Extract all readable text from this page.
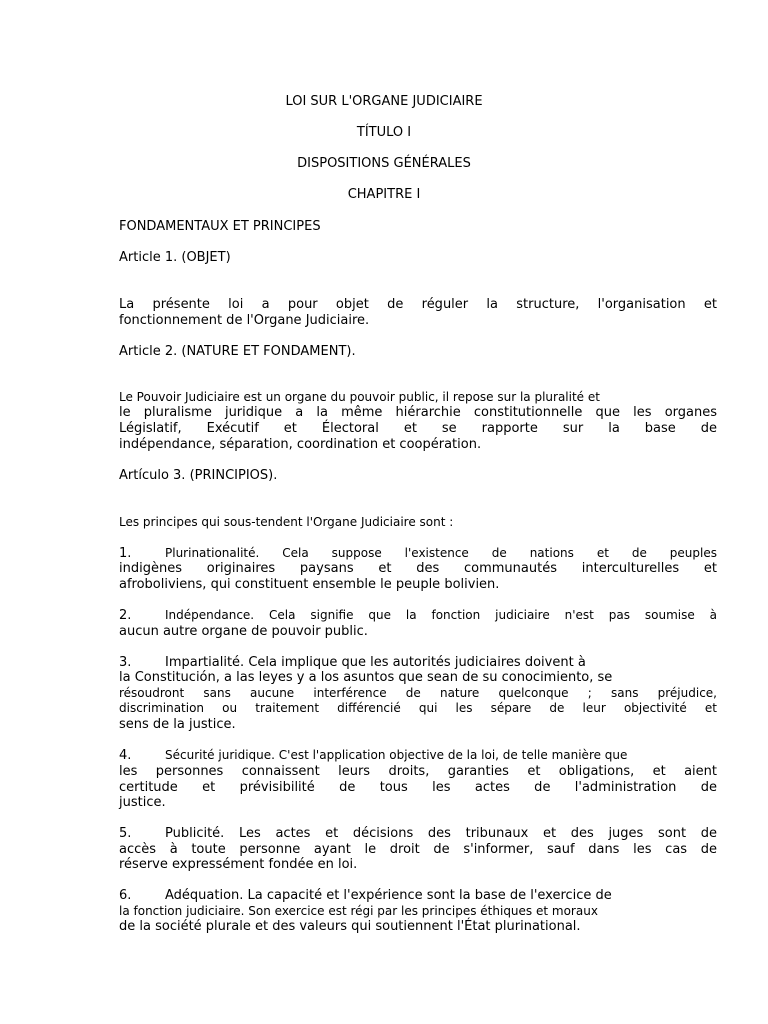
LOI SUR L'ORGANE JUDICIAIRE

TÍTULO I

DISPOSITIONS GÉNÉRALES

CHAPITRE I

FONDAMENTAUX ET PRINCIPES

Article 1. (OBJET)

La présente loi a pour objet de réguler la structure, l'organisation et

fonctionnement de l'Organe Judiciaire.

Article 2. (NATURE ET FONDAMENT).

Le Pouvoir Judiciaire est un organe du pouvoir public, il repose sur la pluralité et

le pluralisme juridique a la même hiérarchie constitutionnelle que les organes

Législatif, Exécutif et Électoral et se rapporte sur la base de

indépendance, séparation, coordination et coopération.

Artículo 3. (PRINCIPIOS).

Les principes qui sous-tendent l'Organe Judiciaire sont :

1.	Plurinationalité. Cela suppose l'existence de nations et de peuples

indigènes originaires paysans et des communautés interculturelles et

afroboliviens, qui constituent ensemble le peuple bolivien.

2.	Indépendance. Cela signifie que la fonction judiciaire n'est pas soumise à

aucun autre organe de pouvoir public.

3.	Impartialité. Cela implique que les autorités judiciaires doivent à

la Constitución, a las leyes y a los asuntos que sean de su conocimiento, se

résoudront sans aucune interférence de nature quelconque ; sans préjudice,

discrimination ou traitement différencié qui les sépare de leur objectivité et

sens de la justice.

4.	Sécurité juridique. C'est l'application objective de la loi, de telle manière que

les personnes connaissent leurs droits, garanties et obligations, et aient

certitude et prévisibilité de tous les actes de l'administration de

justice.

5.	Publicité. Les actes et décisions des tribunaux et des juges sont de

accès à toute personne ayant le droit de s'informer, sauf dans les cas de

réserve expressément fondée en loi.

6.	Adéquation. La capacité et l'expérience sont la base de l'exercice de

la fonction judiciaire. Son exercice est régi par les principes éthiques et moraux

de la société plurale et des valeurs qui soutiennent l'État plurinational.
